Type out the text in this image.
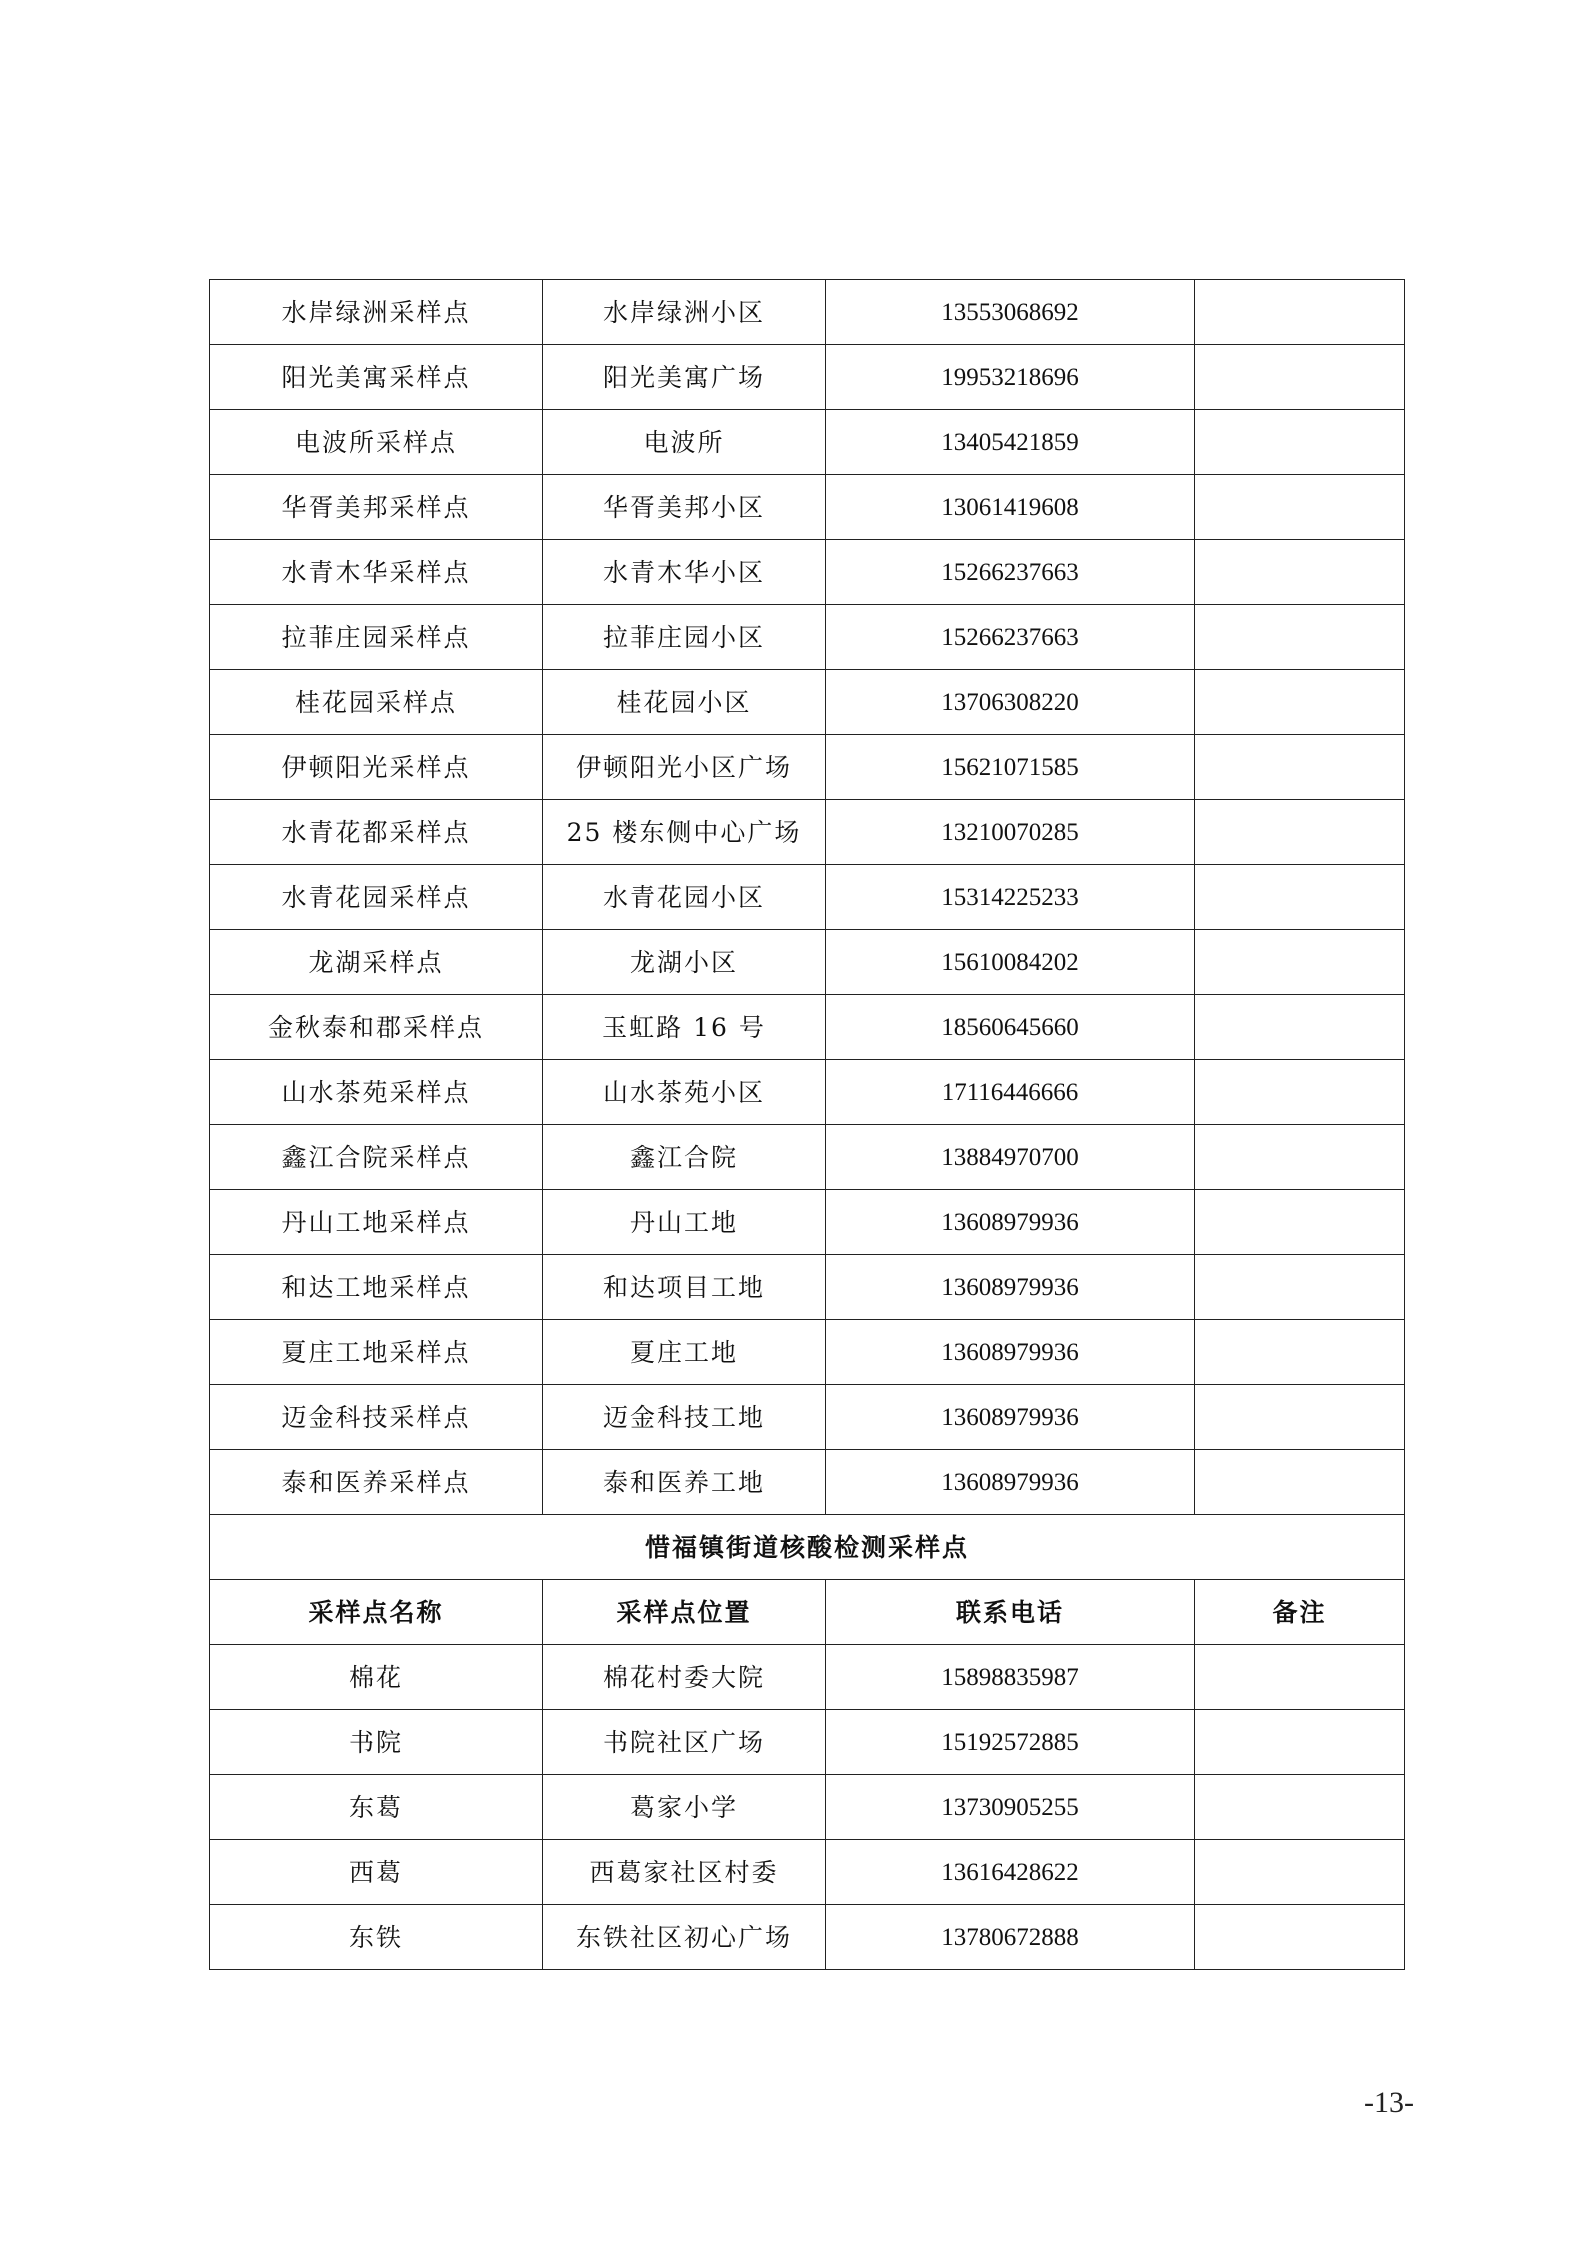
水岸绿洲采样点	水岸绿洲小区	13553068692	
阳光美寓采样点	阳光美寓广场	19953218696	
电波所采样点	电波所	13405421859	
华胥美邦采样点	华胥美邦小区	13061419608	
水青木华采样点	水青木华小区	15266237663	
拉菲庄园采样点	拉菲庄园小区	15266237663	
桂花园采样点	桂花园小区	13706308220	
伊顿阳光采样点	伊顿阳光小区广场	15621071585	
水青花都采样点	25 楼东侧中心广场	13210070285	
水青花园采样点	水青花园小区	15314225233	
龙湖采样点	龙湖小区	15610084202	
金秋泰和郡采样点	玉虹路 16 号	18560645660	
山水茶苑采样点	山水茶苑小区	17116446666	
鑫江合院采样点	鑫江合院	13884970700	
丹山工地采样点	丹山工地	13608979936	
和达工地采样点	和达项目工地	13608979936	
夏庄工地采样点	夏庄工地	13608979936	
迈金科技采样点	迈金科技工地	13608979936	
泰和医养采样点	泰和医养工地	13608979936	
惜福镇街道核酸检测采样点			
采样点名称	采样点位置	联系电话	备注
棉花	棉花村委大院	15898835987	
书院	书院社区广场	15192572885	
东葛	葛家小学	13730905255	
西葛	西葛家社区村委	13616428622	
东铁	东铁社区初心广场	13780672888	
-13-
